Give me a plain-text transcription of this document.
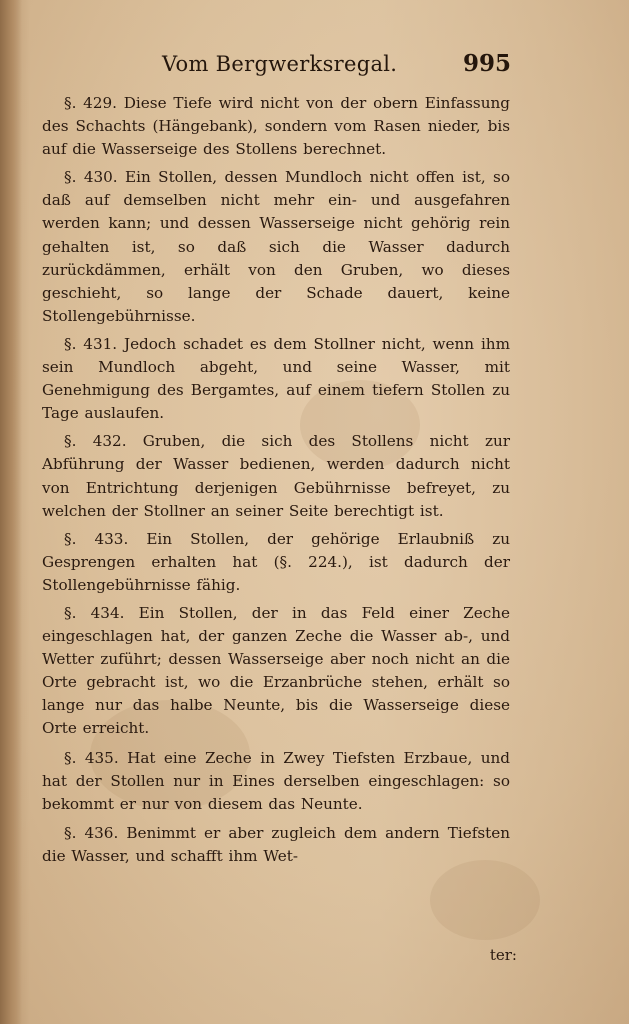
Vom Bergwerksregal.	995

§. 429. Diese Tiefe wird nicht von der obern Einfassung des Schachts (Hängebank), sondern vom Rasen nieder, bis auf die Wasserseige des Stollens berechnet.

§. 430. Ein Stollen, dessen Mundloch nicht offen ist, so daß auf demselben nicht mehr ein- und ausgefahren werden kann; und dessen Wasserseige nicht gehörig rein gehalten ist, so daß sich die Wasser dadurch zurückdämmen, erhält von den Gruben, wo dieses geschieht, so lange der Schade dauert, keine Stollengebührnisse.

§. 431. Jedoch schadet es dem Stollner nicht, wenn ihm sein Mundloch abgeht, und seine Wasser, mit Genehmigung des Bergamtes, auf einem tiefern Stollen zu Tage auslaufen.

§. 432. Gruben, die sich des Stollens nicht zur Abführung der Wasser bedienen, werden dadurch nicht von Entrichtung derjenigen Gebührnisse befreyet, zu welchen der Stollner an seiner Seite berechtigt ist.

§. 433. Ein Stollen, der gehörige Erlaubniß zu Gesprengen erhalten hat (§. 224.), ist dadurch der Stollengebührnisse fähig.

§. 434. Ein Stollen, der in das Feld einer Zeche eingeschlagen hat, der ganzen Zeche die Wasser ab-, und Wetter zuführt; dessen Wasserseige aber noch nicht an die Orte gebracht ist, wo die Erzanbrüche stehen, erhält so lange nur das halbe Neunte, bis die Wasserseige diese Orte erreicht.

§. 435. Hat eine Zeche in Zwey Tiefsten Erzbaue, und hat der Stollen nur in Eines derselben eingeschlagen: so bekommt er nur von diesem das Neunte.

§. 436. Benimmt er aber zugleich dem andern Tiefsten die Wasser, und schafft ihm Wet-

ter:
